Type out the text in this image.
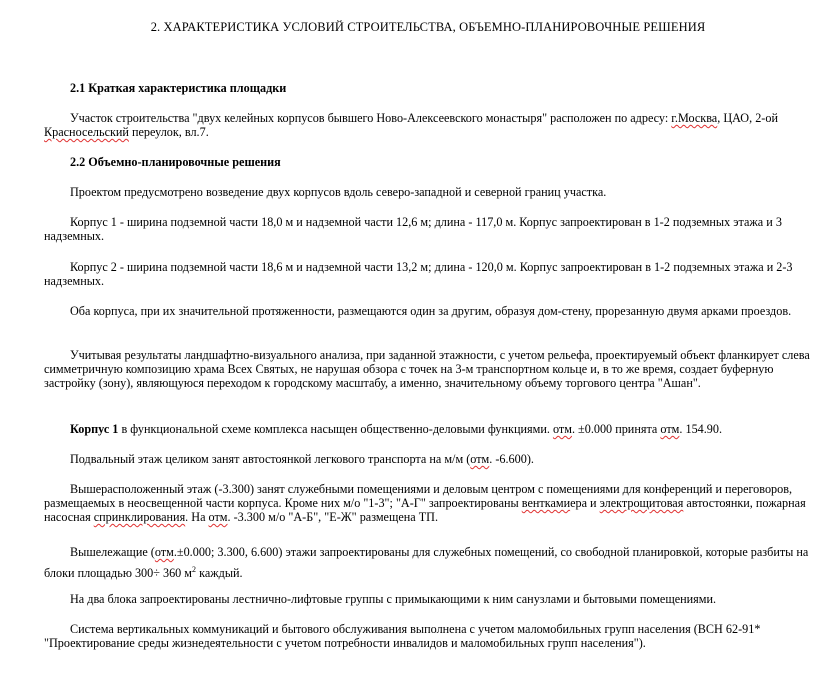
2. ХАРАКТЕРИСТИКА УСЛОВИЙ СТРОИТЕЛЬСТВА, ОБЪЕМНО-ПЛАНИРОВОЧНЫЕ РЕШЕНИЯ
2.1 Краткая характеристика площадки
Участок строительства "двух келейных корпусов бывшего Ново-Алексеевского монастыря" расположен по адресу: г.Москва, ЦАО, 2-ой Красносельский переулок, вл.7.
2.2 Объемно-планировочные решения
Проектом предусмотрено возведение двух корпусов вдоль северо-западной и северной границ участка.
Корпус 1 - ширина подземной части 18,0 м и надземной части 12,6 м; длина - 117,0 м. Корпус запроектирован в 1-2 подземных этажа и 3 надземных.
Корпус 2 - ширина подземной части 18,6 м и надземной части 13,2 м; длина - 120,0 м. Корпус запроектирован в 1-2 подземных этажа и 2-3 надземных.
Оба корпуса, при их значительной протяженности, размещаются один за другим, образуя дом-стену, прорезанную двумя арками проездов.
Учитывая результаты ландшафтно-визуального анализа, при заданной этажности, с учетом рельефа, проектируемый объект фланкирует слева симметричную композицию храма Всех Святых, не нарушая обзора с точек на 3-м транспортном кольце и, в то же время, создает буферную застройку (зону), являющуюся переходом к городскому масштабу, а именно, значительному объему торгового центра "Ашан".
Корпус 1 в функциональной схеме комплекса насыщен общественно-деловыми функциями. отм. ±0.000 принята отм. 154.90.
Подвальный этаж целиком занят автостоянкой легкового транспорта на м/м (отм. -6.600).
Вышерасположенный этаж (-3.300) занят служебными помещениями и деловым центром с помещениями для конференций и переговоров, размещаемых в неосвещенной части корпуса. Кроме них м/о "1-3"; "А-Г" запроектированы венткамиера и электрощитовая автостоянки, пожарная насосная спринклирования. На отм. -3.300 м/о "А-Б", "Е-Ж" размещена ТП.
Вышележащие (отм.±0.000; 3.300, 6.600) этажи запроектированы для служебных помещений, со свободной планировкой, которые разбиты на блоки площадью 300÷ 360 $м^2$ каждый.
На два блока запроектированы лестнично-лифтовые группы с примыкающими к ним санузлами и бытовыми помещениями.
Система вертикальных коммуникаций и бытового обслуживания выполнена с учетом маломобильных групп населения (ВСН 62-91* "Проектирование среды жизнедеятельности с учетом потребности инвалидов и маломобильных групп населения").
